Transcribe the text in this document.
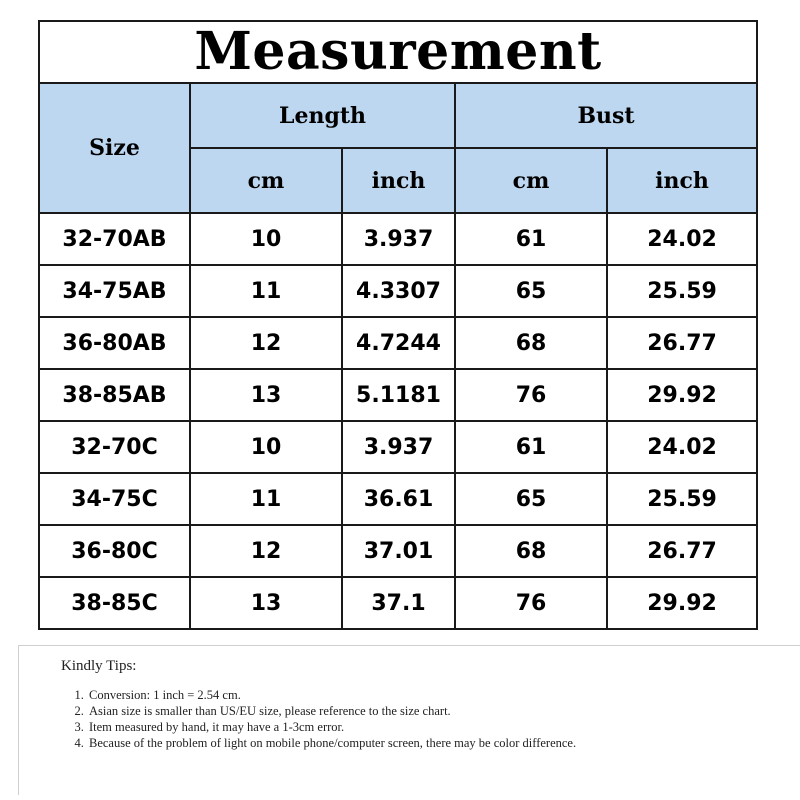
Measurement
Size	Length		Bust	
	cm	inch	cm	inch
32-70AB	10	3.937	61	24.02
34-75AB	11	4.3307	65	25.59
36-80AB	12	4.7244	68	26.77
38-85AB	13	5.1181	76	29.92
32-70C	10	3.937	61	24.02
34-75C	11	36.61	65	25.59
36-80C	12	37.01	68	26.77
38-85C	13	37.1	76	29.92
Kindly Tips:
1. Conversion: 1 inch = 2.54 cm.
2. Asian size is smaller than US/EU size, please reference to the size chart.
3. Item measured by hand, it may have a 1-3cm error.
4. Because of the problem of light on mobile phone/computer screen, there may be color difference.
